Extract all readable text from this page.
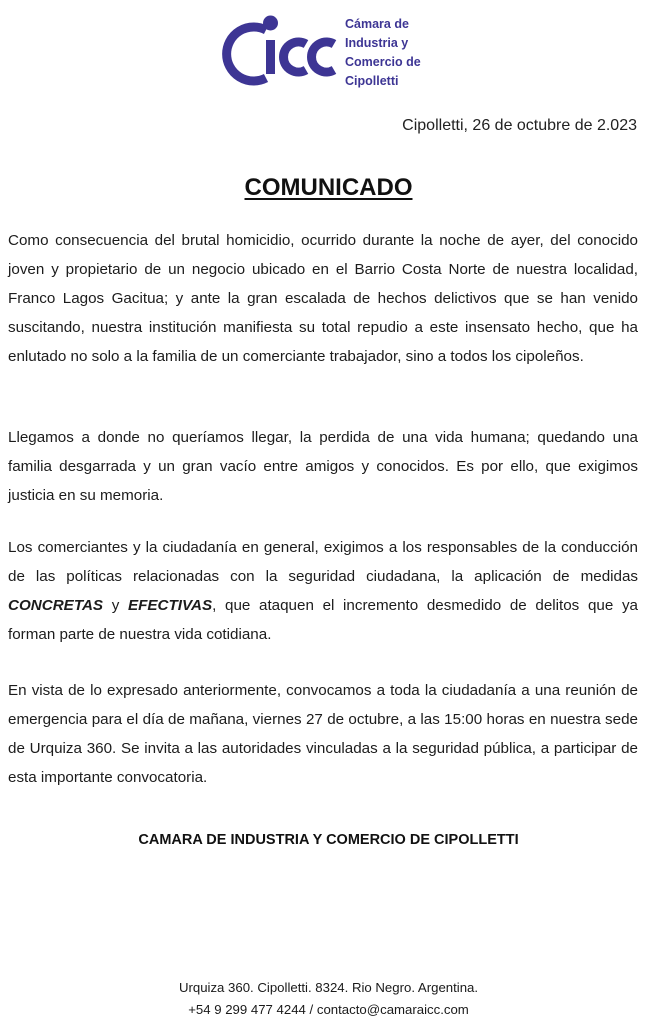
Cámara de
Industria y
Comercio de
Cipolletti
Cipolletti, 26 de octubre de 2.023
COMUNICADO
Como consecuencia del brutal homicidio, ocurrido durante la noche de ayer, del conocido joven y propietario de un negocio ubicado en el Barrio Costa Norte de nuestra localidad, Franco Lagos Gacitua; y ante la gran escalada de hechos delictivos que se han venido suscitando, nuestra institución manifiesta su total repudio a este insensato hecho, que ha enlutado no solo a la familia de un comerciante trabajador, sino a todos los cipoleños.
Llegamos a donde no queríamos llegar, la perdida de una vida humana; quedando una familia desgarrada y un gran vacío entre amigos y conocidos. Es por ello, que exigimos justicia en su memoria.
Los comerciantes y la ciudadanía en general, exigimos a los responsables de la conducción de las políticas relacionadas con la seguridad ciudadana, la aplicación de medidas CONCRETAS y EFECTIVAS, que ataquen el incremento desmedido de delitos que ya forman parte de nuestra vida cotidiana.
En vista de lo expresado anteriormente, convocamos a toda la ciudadanía a una reunión de emergencia para el día de mañana, viernes 27 de octubre, a las 15:00 horas en nuestra sede de Urquiza 360. Se invita a las autoridades vinculadas a la seguridad pública, a participar de esta importante convocatoria.
CAMARA DE INDUSTRIA Y COMERCIO DE CIPOLLETTI
Urquiza 360. Cipolletti. 8324. Rio Negro. Argentina.
+54 9 299 477 4244 / contacto@camaraicc.com
